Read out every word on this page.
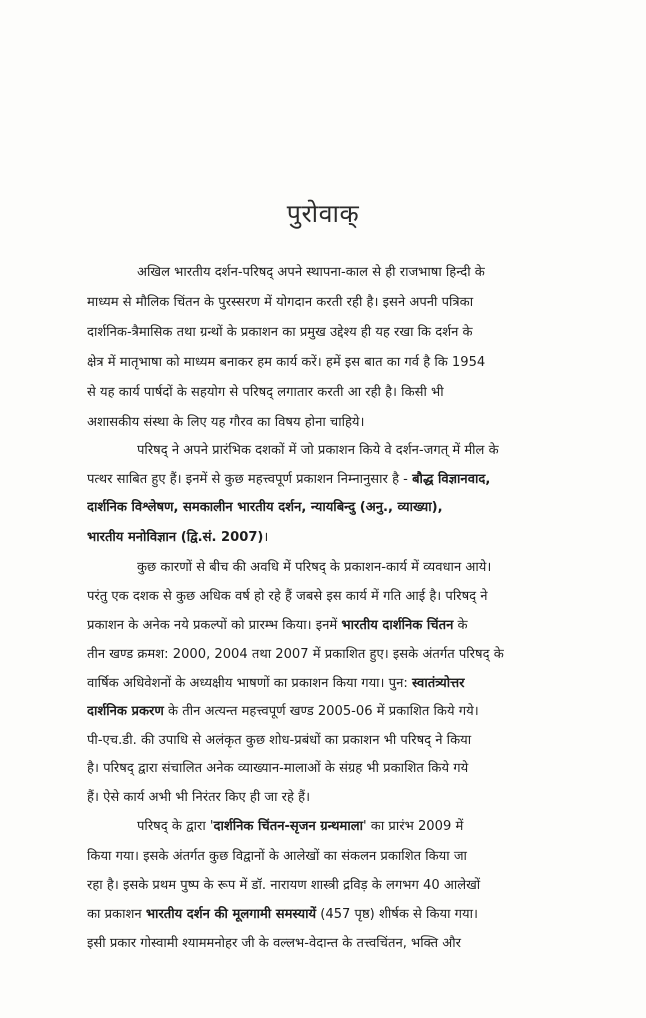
पुरोवाक्
अखिल भारतीय दर्शन-परिषद् अपने स्थापना-काल से ही राजभाषा हिन्दी के
माध्यम से मौलिक चिंतन के पुरस्सरण में योगदान करती रही है। इसने अपनी पत्रिका
दार्शनिक-त्रैमासिक तथा ग्रन्थों के प्रकाशन का प्रमुख उद्देश्य ही यह रखा कि दर्शन के
क्षेत्र में मातृभाषा को माध्यम बनाकर हम कार्य करें। हमें इस बात का गर्व है कि 1954
से यह कार्य पार्षदों के सहयोग से परिषद् लगातार करती आ रही है। किसी भी
अशासकीय संस्था के लिए यह गौरव का विषय होना चाहिये।
परिषद् ने अपने प्रारंभिक दशकों में जो प्रकाशन किये वे दर्शन-जगत् में मील के
पत्थर साबित हुए हैं। इनमें से कुछ महत्त्वपूर्ण प्रकाशन निम्नानुसार है - बौद्ध विज्ञानवाद,
दार्शनिक विश्लेषण, समकालीन भारतीय दर्शन, न्यायबिन्दु (अनु., व्याख्या),
भारतीय मनोविज्ञान (द्वि.सं. 2007)।
कुछ कारणों से बीच की अवधि में परिषद् के प्रकाशन-कार्य में व्यवधान आये।
परंतु एक दशक से कुछ अधिक वर्ष हो रहे हैं जबसे इस कार्य में गति आई है। परिषद् ने
प्रकाशन के अनेक नये प्रकल्पों को प्रारम्भ किया। इनमें भारतीय दार्शनिक चिंतन के
तीन खण्ड क्रमश: 2000, 2004 तथा 2007 में प्रकाशित हुए। इसके अंतर्गत परिषद् के
वार्षिक अधिवेशनों के अध्यक्षीय भाषणों का प्रकाशन किया गया। पुन: स्वातंत्र्योत्तर
दार्शनिक प्रकरण के तीन अत्यन्त महत्त्वपूर्ण खण्ड 2005-06 में प्रकाशित किये गये।
पी-एच.डी. की उपाधि से अलंकृत कुछ शोध-प्रबंधों का प्रकाशन भी परिषद् ने किया
है। परिषद् द्वारा संचालित अनेक व्याख्यान-मालाओं के संग्रह भी प्रकाशित किये गये
हैं। ऐसे कार्य अभी भी निरंतर किए ही जा रहे हैं।
परिषद् के द्वारा 'दार्शनिक चिंतन-सृजन ग्रन्थमाला' का प्रारंभ 2009 में
किया गया। इसके अंतर्गत कुछ विद्वानों के आलेखों का संकलन प्रकाशित किया जा
रहा है। इसके प्रथम पुष्प के रूप में डॉ. नारायण शास्त्री द्रविड़ के लगभग 40 आलेखों
का प्रकाशन भारतीय दर्शन की मूलगामी समस्यायें (457 पृष्ठ) शीर्षक से किया गया।
इसी प्रकार गोस्वामी श्याममनोहर जी के वल्लभ-वेदान्त के तत्त्वचिंतन, भक्ति और
